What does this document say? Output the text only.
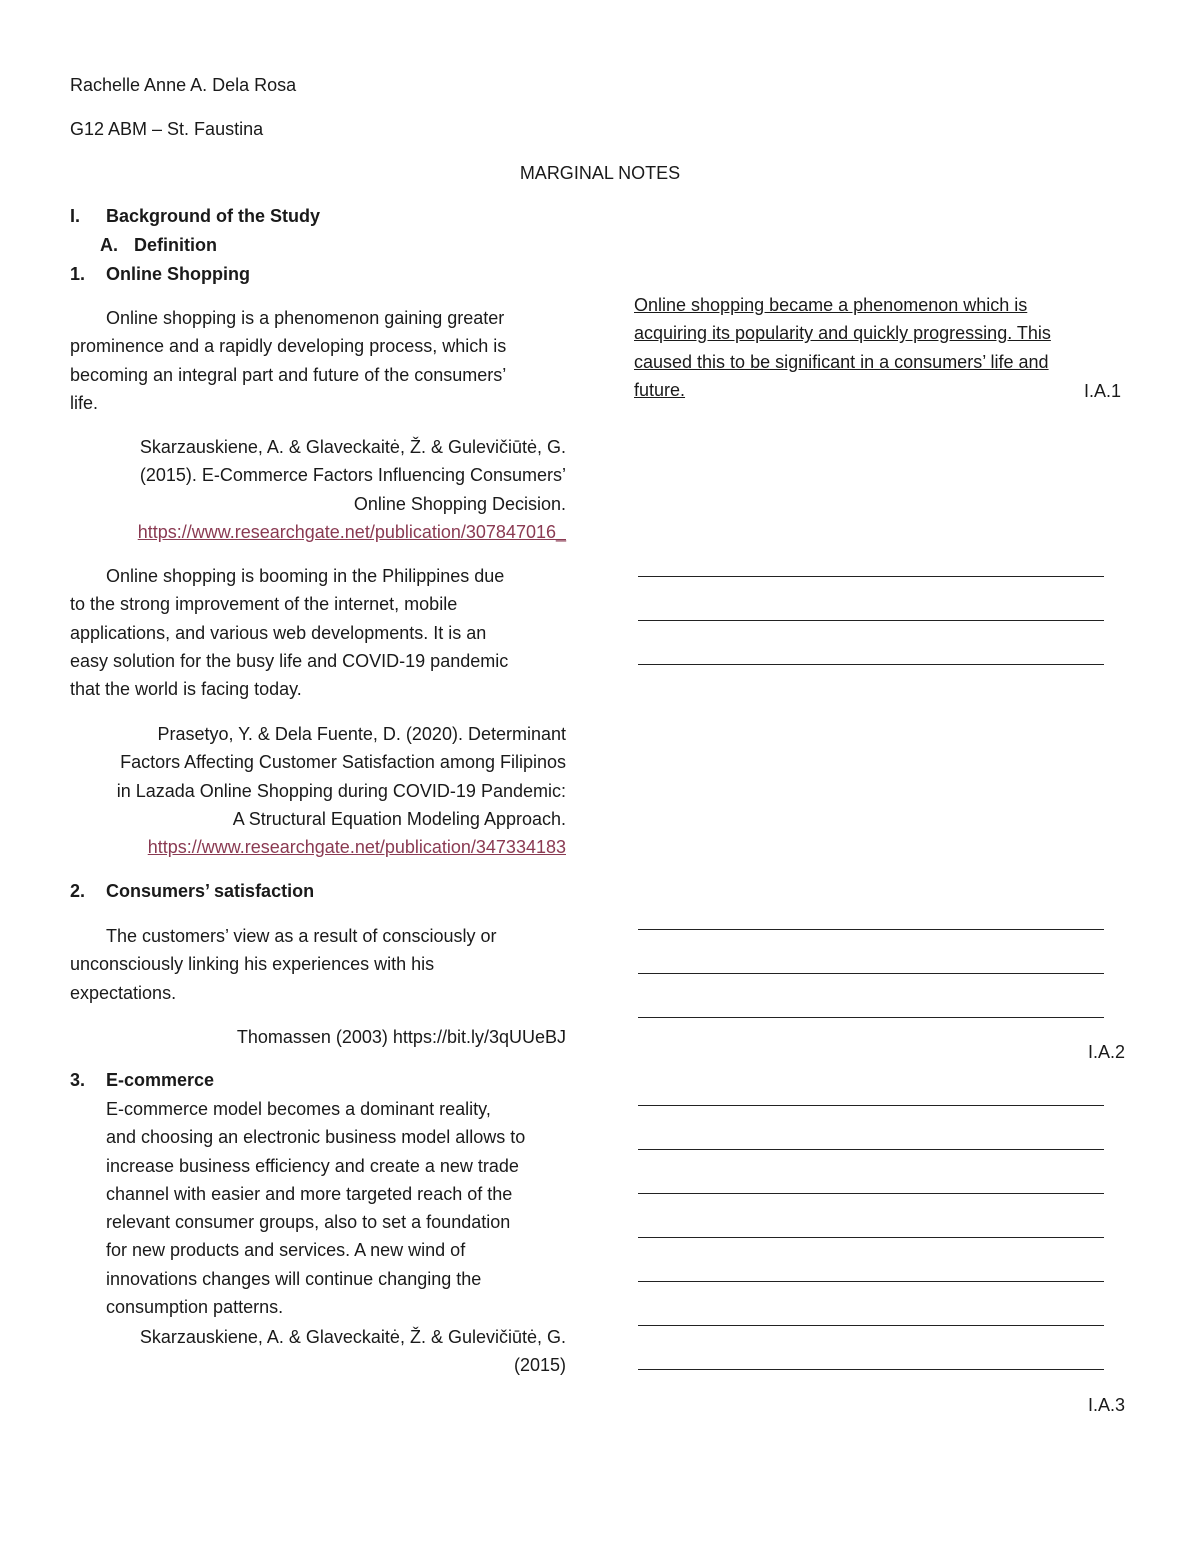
Rachelle Anne A. Dela Rosa
G12 ABM – St. Faustina
MARGINAL NOTES
I. Background of the Study
A. Definition
1. Online Shopping
Online shopping is a phenomenon gaining greater
prominence and a rapidly developing process, which is
becoming an integral part and future of the consumers’
life.
Skarzauskiene, A. & Glaveckaitė, Ž. & Gulevičiūtė, G.
(2015). E-Commerce Factors Influencing Consumers’
Online Shopping Decision.
https://www.researchgate.net/publication/307847016_
Online shopping is booming in the Philippines due
to the strong improvement of the internet, mobile
applications, and various web developments. It is an
easy solution for the busy life and COVID-19 pandemic
that the world is facing today.
Prasetyo, Y. & Dela Fuente, D. (2020). Determinant
Factors Affecting Customer Satisfaction among Filipinos
in Lazada Online Shopping during COVID-19 Pandemic:
A Structural Equation Modeling Approach.
https://www.researchgate.net/publication/347334183
2. Consumers’ satisfaction
The customers’ view as a result of consciously or
unconsciously linking his experiences with his
expectations.
Thomassen (2003) https://bit.ly/3qUUeBJ
3. E-commerce
E-commerce model becomes a dominant reality,
and choosing an electronic business model allows to
increase business efficiency and create a new trade
channel with easier and more targeted reach of the
relevant consumer groups, also to set a foundation
for new products and services. A new wind of
innovations changes will continue changing the
consumption patterns.
Skarzauskiene, A. & Glaveckaitė, Ž. & Gulevičiūtė, G.
(2015)
Online shopping became a phenomenon which is
acquiring its popularity and quickly progressing. This
caused this to be significant in a consumers’ life and
future.	I.A.1
I.A.2
I.A.3
